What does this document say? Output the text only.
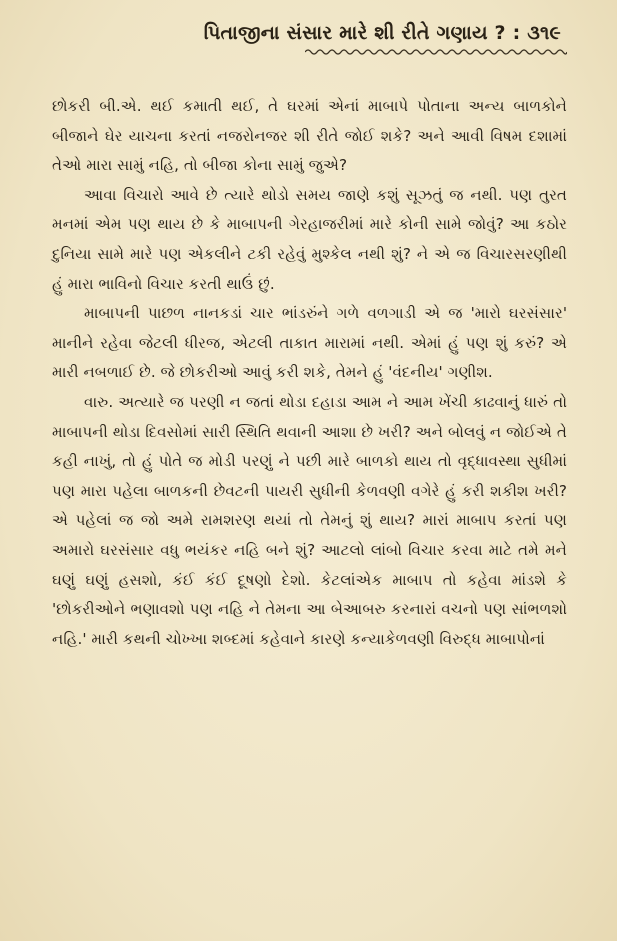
પિતાજીના સંસાર મારે શી રીતે ગણાય ? : ૩૧૯

છોકરી બી.એ. થઈ કમાતી થઈ, તે ઘરમાં એનાં માબાપે પોતાના અન્ય બાળકોને બીજાને ઘેર યાચના કરતાં નજરોનજર શી રીતે જોઈ શકે? અને આવી વિષમ દશામાં તેઓ મારા સામું નહિ, તો બીજા કોના સામું જુએ?

આવા વિચારો આવે છે ત્યારે થોડો સમય જાણે કશું સૂઝતું જ નથી. પણ તુરત મનમાં એમ પણ થાય છે કે માબાપની ગેરહાજરીમાં મારે કોની સામે જોવું? આ કઠોર દુનિયા સામે મારે પણ એકલીને ટકી રહેવું મુશ્કેલ નથી શું? ને એ જ વિચારસરણીથી હું મારા ભાવિનો વિચાર કરતી થાઉં છું.

માબાપની પાછળ નાનકડાં ચાર ભાંડરુંને ગળે વળગાડી એ જ 'મારો ઘરસંસાર' માનીને રહેવા જેટલી ધીરજ, એટલી તાકાત મારામાં નથી. એમાં હું પણ શું કરું? એ મારી નબળાઈ છે. જે છોકરીઓ આવું કરી શકે, તેમને હું 'વંદનીય' ગણીશ.

વારુ. અત્યારે જ પરણી ન જતાં થોડા દહાડા આમ ને આમ ખેંચી કાઢવાનું ધારું તો માબાપની થોડા દિવસોમાં સારી સ્થિતિ થવાની આશા છે ખરી? અને બોલવું ન જોઈએ તે કહી નાખું, તો હું પોતે જ મોડી પરણું ને પછી મારે બાળકો થાય તો વૃદ્ધાવસ્થા સુધીમાં પણ મારા પહેલા બાળકની છેવટની પાયરી સુધીની કેળવણી વગેરે હું કરી શકીશ ખરી? એ પહેલાં જ જો અમે રામશરણ થયાં તો તેમનું શું થાય? મારાં માબાપ કરતાં પણ અમારો ઘરસંસાર વધુ ભયંકર નહિ બને શું? આટલો લાંબો વિચાર કરવા માટે તમે મને ઘણું ઘણું હસશો, કંઈ કંઈ દૂષણો દેશો. કેટલાંએક માબાપ તો કહેવા માંડશે કે 'છોકરીઓને ભણાવશો પણ નહિ ને તેમના આ બેઆબરુ કરનારાં વચનો પણ સાંભળશો નહિ.' મારી કથની ચોખ્ખા શબ્દમાં કહેવાને કારણે કન્યાકેળવણી વિરુદ્ધ માબાપોનાં
